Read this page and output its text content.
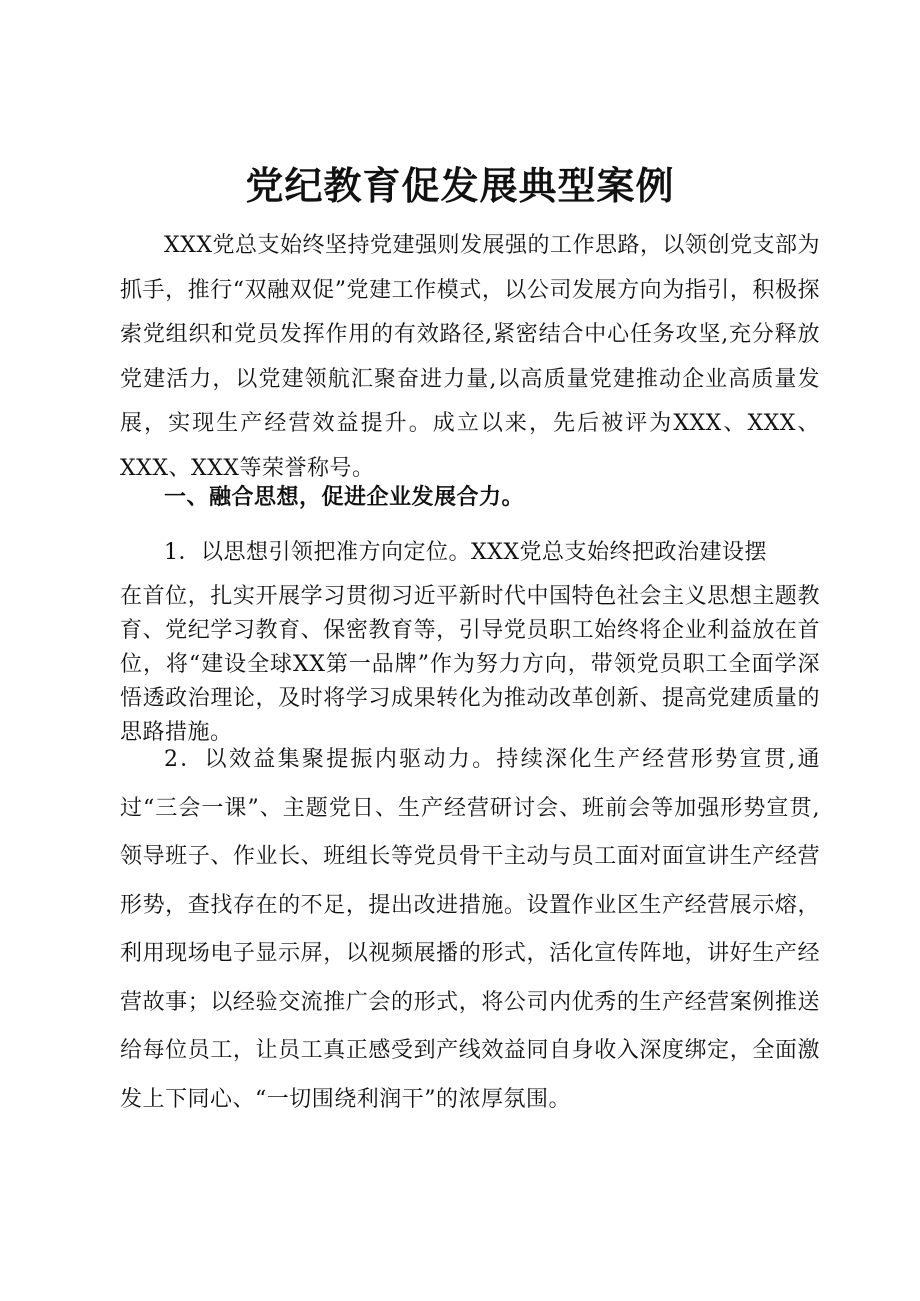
党纪教育促发展典型案例

XXX党总支始终坚持党建强则发展强的工作思路，以领创党支部为抓手，推行“双融双促”党建工作模式，以公司发展方向为指引，积极探索党组织和党员发挥作用的有效路径,紧密结合中心任务攻坚,充分释放党建活力，以党建领航汇聚奋进力量,以高质量党建推动企业高质量发展，实现生产经营效益提升。成立以来，先后被评为XXX、XXX、XXX、XXX等荣誉称号。

一、融合思想，促进企业发展合力。

1．以思想引领把准方向定位。XXX党总支始终把政治建设摆

在首位，扎实开展学习贯彻习近平新时代中国特色社会主义思想主题教育、党纪学习教育、保密教育等，引导党员职工始终将企业利益放在首位，将“建设全球XX第一品牌”作为努力方向，带领党员职工全面学深悟透政治理论，及时将学习成果转化为推动改革创新、提高党建质量的思路措施。

2．以效益集聚提振内驱动力。持续深化生产经营形势宣贯,通过“三会一课”、主题党日、生产经营研讨会、班前会等加强形势宣贯,领导班子、作业长、班组长等党员骨干主动与员工面对面宣讲生产经营形势，查找存在的不足，提出改进措施。设置作业区生产经营展示熔，利用现场电子显示屏，以视频展播的形式，活化宣传阵地，讲好生产经营故事；以经验交流推广会的形式，将公司内优秀的生产经营案例推送给每位员工，让员工真正感受到产线效益同自身收入深度绑定，全面激发上下同心、“一切围绕利润干”的浓厚氛围。
